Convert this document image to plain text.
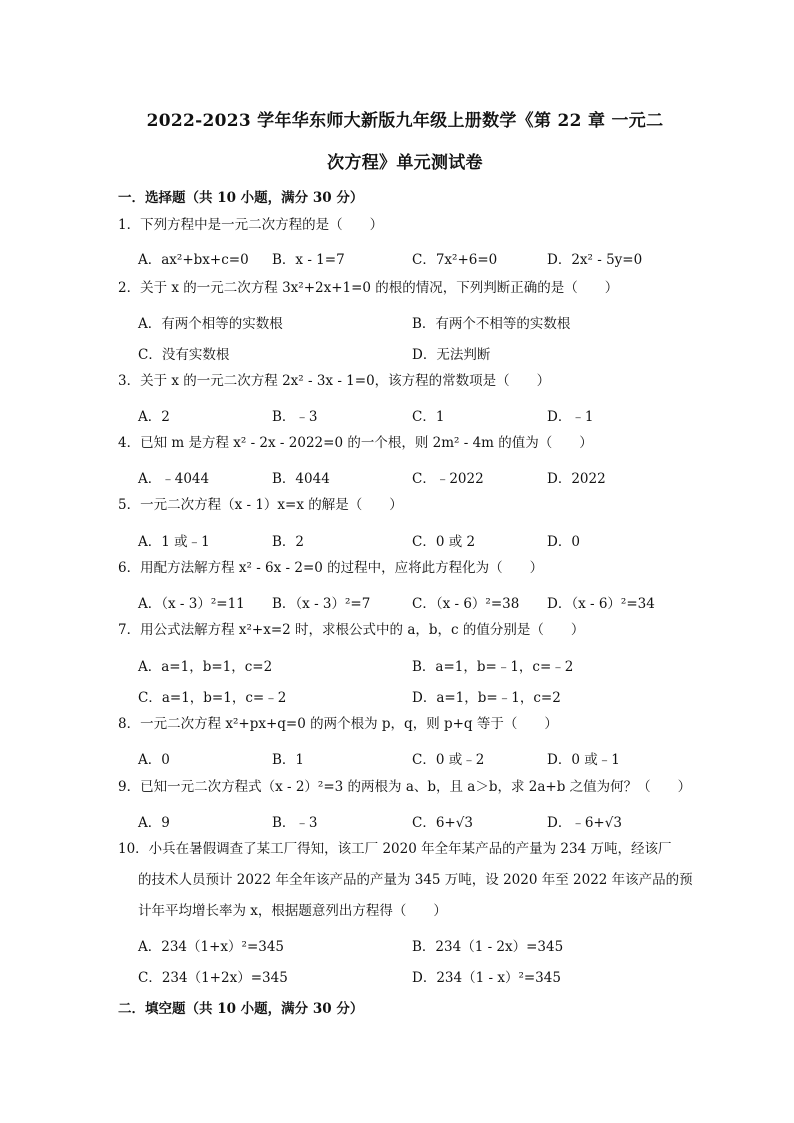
2022-2023 学年华东师大新版九年级上册数学《第 22 章 一元二
次方程》单元测试卷
一．选择题（共 10 小题，满分 30 分）
1．下列方程中是一元二次方程的是（　　）
A．ax²+bx+c=0 B．x - 1=7	C．7x²+6=0	D．2x² - 5y=0
2．关于 x 的一元二次方程 3x²+2x+1=0 的根的情况，下列判断正确的是（　　）
A．有两个相等的实数根	B．有两个不相等的实数根
C．没有实数根	D．无法判断
3．关于 x 的一元二次方程 2x² - 3x - 1=0，该方程的常数项是（　　）
A．2	B．﹣3	C．1	D．﹣1
4．已知 m 是方程 x² - 2x - 2022=0 的一个根，则 2m² - 4m 的值为（　　）
A．﹣4044	B．4044	C．﹣2022	D．2022
5．一元二次方程（x - 1）x=x 的解是（　　）
A．1 或﹣1	B．2	C．0 或 2	D．0
6．用配方法解方程 x² - 6x - 2=0 的过程中，应将此方程化为（　　）
A．（x - 3）²=11 B．（x - 3）²=7	C．（x - 6）²=38 D．（x - 6）²=34
7．用公式法解方程 x²+x=2 时，求根公式中的 a，b，c 的值分别是（　　）
A．a=1，b=1，c=2	B．a=1，b=﹣1，c=﹣2
C．a=1，b=1，c=﹣2	D．a=1，b=﹣1，c=2
8．一元二次方程 x²+px+q=0 的两个根为 p，q，则 p+q 等于（　　）
A．0	B．1	C．0 或﹣2	D．0 或﹣1
9．已知一元二次方程式（x - 2）²=3 的两根为 a、b，且 a＞b，求 2a+b 之值为何？（　　）
A．9	B．﹣3	C．6+√3	D．﹣6+√3
10．小兵在暑假调查了某工厂得知，该工厂 2020 年全年某产品的产量为 234 万吨，经该厂
的技术人员预计 2022 年全年该产品的产量为 345 万吨，设 2020 年至 2022 年该产品的预
计年平均增长率为 x，根据题意列出方程得（　　）
A．234（1+x）²=345	B．234（1 - 2x）=345
C．234（1+2x）=345	D．234（1 - x）²=345
二．填空题（共 10 小题，满分 30 分）
